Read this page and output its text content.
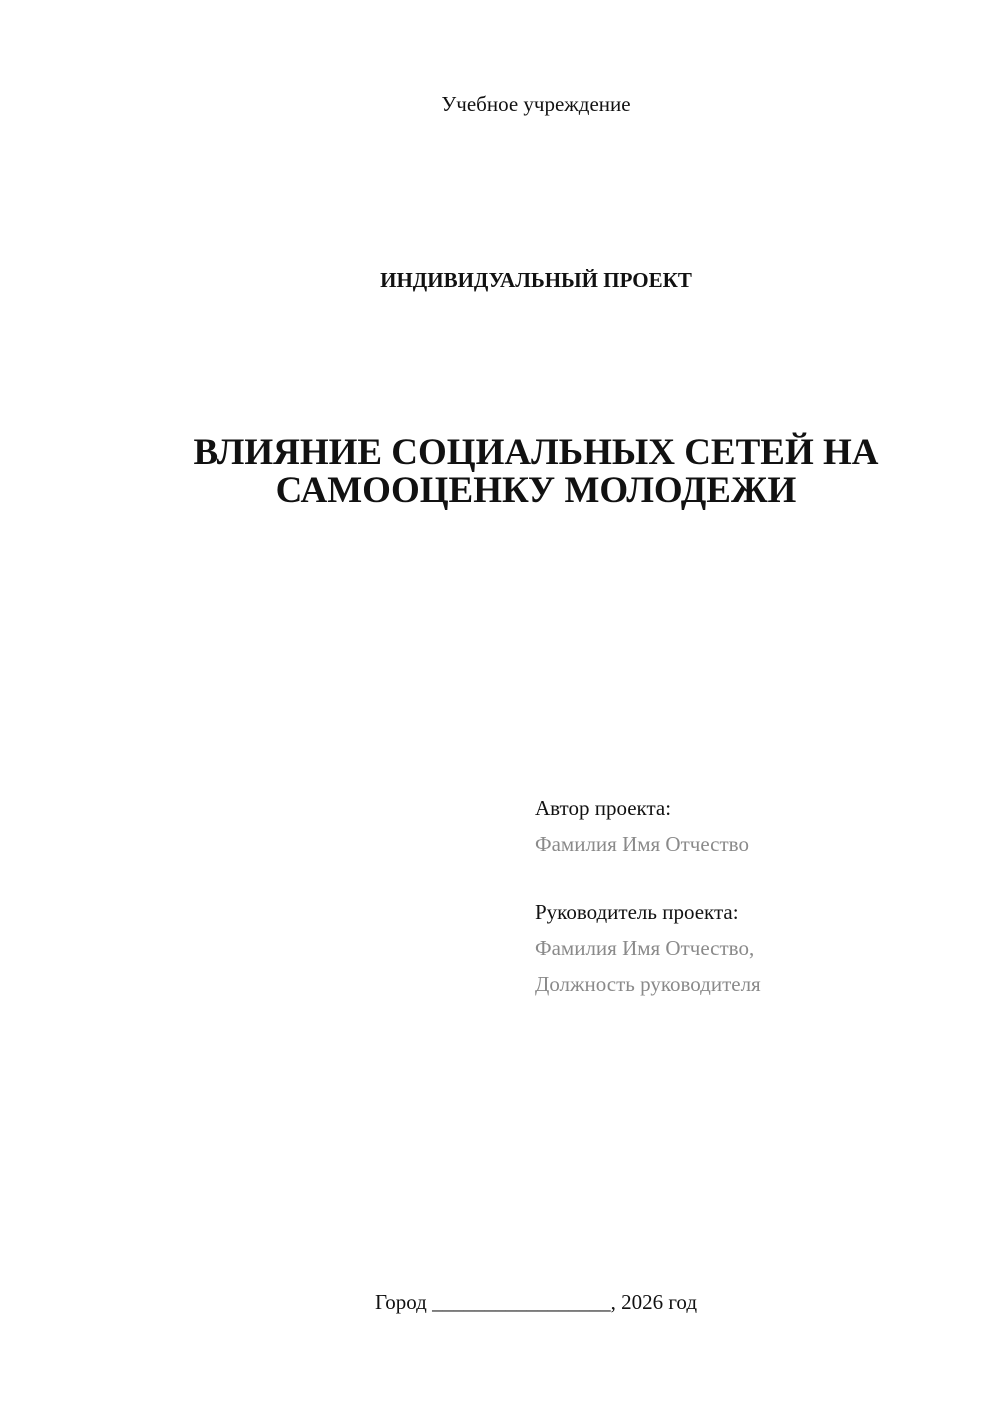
Учебное учреждение
ИНДИВИДУАЛЬНЫЙ ПРОЕКТ
ВЛИЯНИЕ СОЦИАЛЬНЫХ СЕТЕЙ НА
САМООЦЕНКУ МОЛОДЕЖИ
Автор проекта:
Фамилия Имя Отчество
Руководитель проекта:
Фамилия Имя Отчество,
Должность руководителя
Город _________________, 2026 год
